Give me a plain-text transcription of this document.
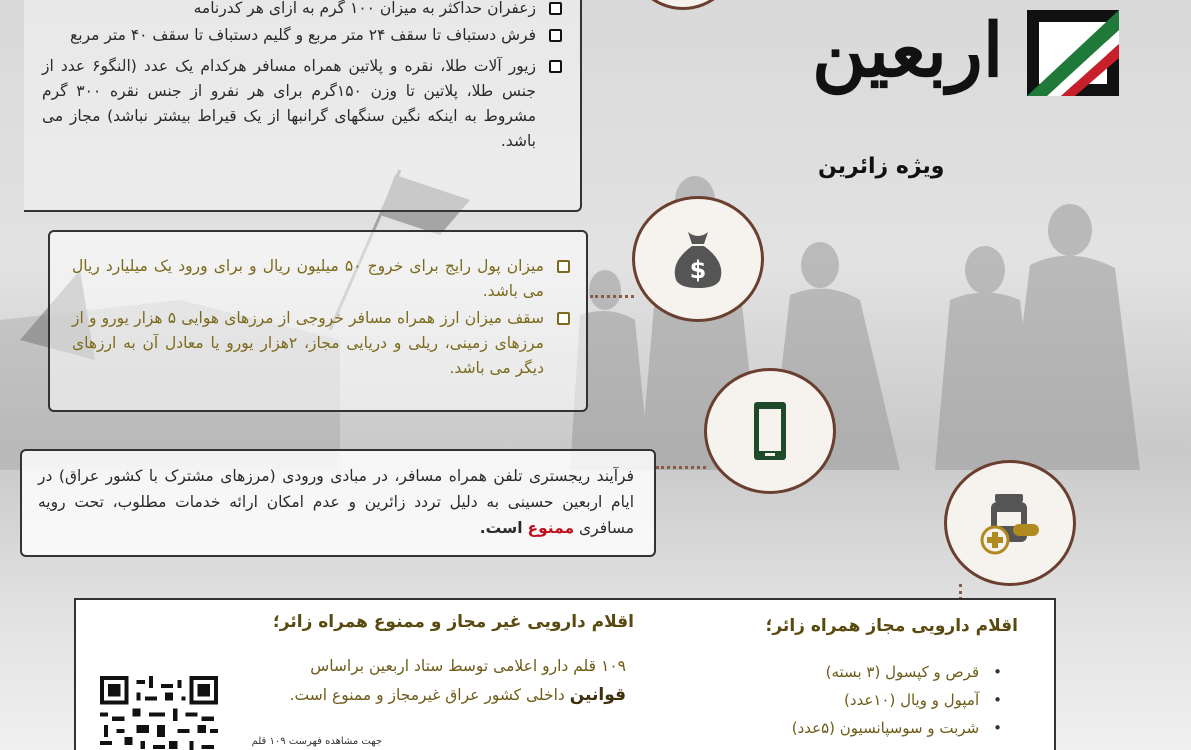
اربعین
ویژه زائرین
زعفران حداکثر به میزان ۱۰۰ گرم به ازای هر کدرنامه
فرش دستباف تا سقف ۲۴ متر مربع و گلیم دستباف تا سقف ۴۰ متر مربع
زیور آلات طلا، نقره و پلاتین همراه مسافر هرکدام یک عدد (النگو۶ عدد از جنس طلا، پلاتین تا وزن ۱۵۰گرم برای هر نفرو از جنس نقره ۳۰۰ گرم مشروط به اینکه نگین سنگهای گرانبها از یک قیراط بیشتر نباشد) مجاز می باشد.
$
میزان پول رایج برای خروج ۵۰ میلیون ریال و برای ورود یک میلیارد ریال می باشد.
سقف میزان ارز همراه مسافر خروجی از مرزهای هوایی ۵ هزار یورو و از مرزهای زمینی، ریلی و دریایی مجاز، ۲هزار یورو یا معادل آن به ارزهای دیگر می باشد.
فرآیند ریجستری تلفن همراه مسافر، در مبادی ورودی (مرزهای مشترک با کشور عراق) در ایام اربعین حسینی به دلیل تردد زائرین و عدم امکان ارائه خدمات مطلوب، تحت رویه مسافری ممنوع است.
اقلام دارویی مجاز همراه زائر؛
• قرص و کپسول (۳ بسته)
• آمپول و ویال (۱۰عدد)
• شربت و سوسپانسیون (۵عدد)
اقلام دارویی غیر مجاز و ممنوع همراه زائر؛
۱۰۹ قلم دارو اعلامی توسط ستاد اربعین براساس
قوانین داخلی کشور عراق غیرمجاز و ممنوع است.
جهت مشاهده فهرست ۱۰۹ قلم
